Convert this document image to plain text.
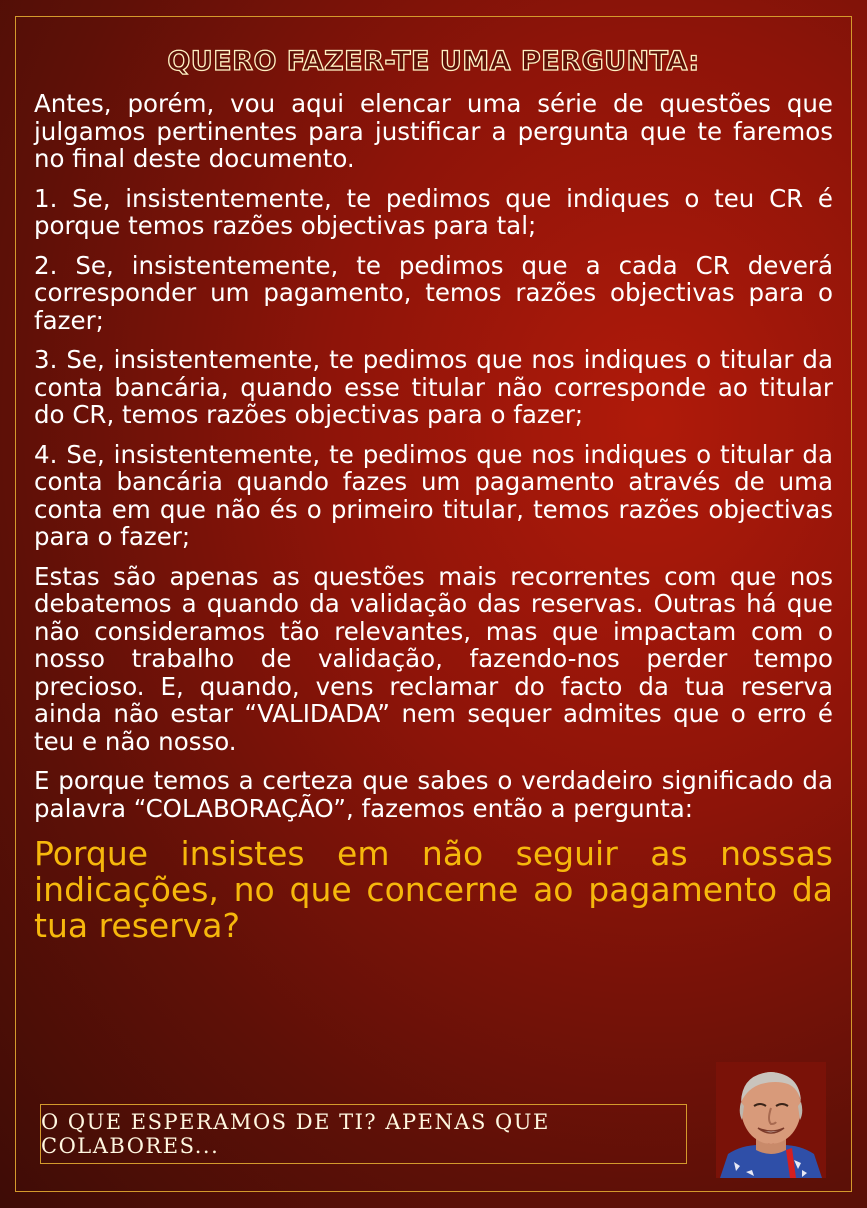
QUERO FAZER-TE UMA PERGUNTA:

Antes, porém, vou aqui elencar uma série de questões que julgamos pertinentes para justificar a pergunta que te faremos no final deste documento.

1. Se, insistentemente, te pedimos que indiques o teu CR é porque temos razões objectivas para tal;

2. Se, insistentemente, te pedimos que a cada CR deverá corresponder um pagamento, temos razões objectivas para o fazer;

3. Se, insistentemente, te pedimos que nos indiques o titular da conta bancária, quando esse titular não corresponde ao titular do CR, temos razões objectivas para o fazer;

4. Se, insistentemente, te pedimos que nos indiques o titular da conta bancária quando fazes um pagamento através de uma conta em que não és o primeiro titular, temos razões objectivas para o fazer;

Estas são apenas as questões mais recorrentes com que nos debatemos a quando da validação das reservas. Outras há que não consideramos tão relevantes, mas que impactam com o nosso trabalho de validação, fazendo-nos perder tempo precioso. E, quando, vens reclamar do facto da tua reserva ainda não estar “VALIDADA” nem sequer admites que o erro é teu e não nosso.

E porque temos a certeza que sabes o verdadeiro significado da palavra “COLABORAÇÃO”, fazemos então a pergunta:

Porque insistes em não seguir as nossas indicações, no que concerne ao pagamento da tua reserva?

O QUE ESPERAMOS DE TI? APENAS QUE COLABORES...
